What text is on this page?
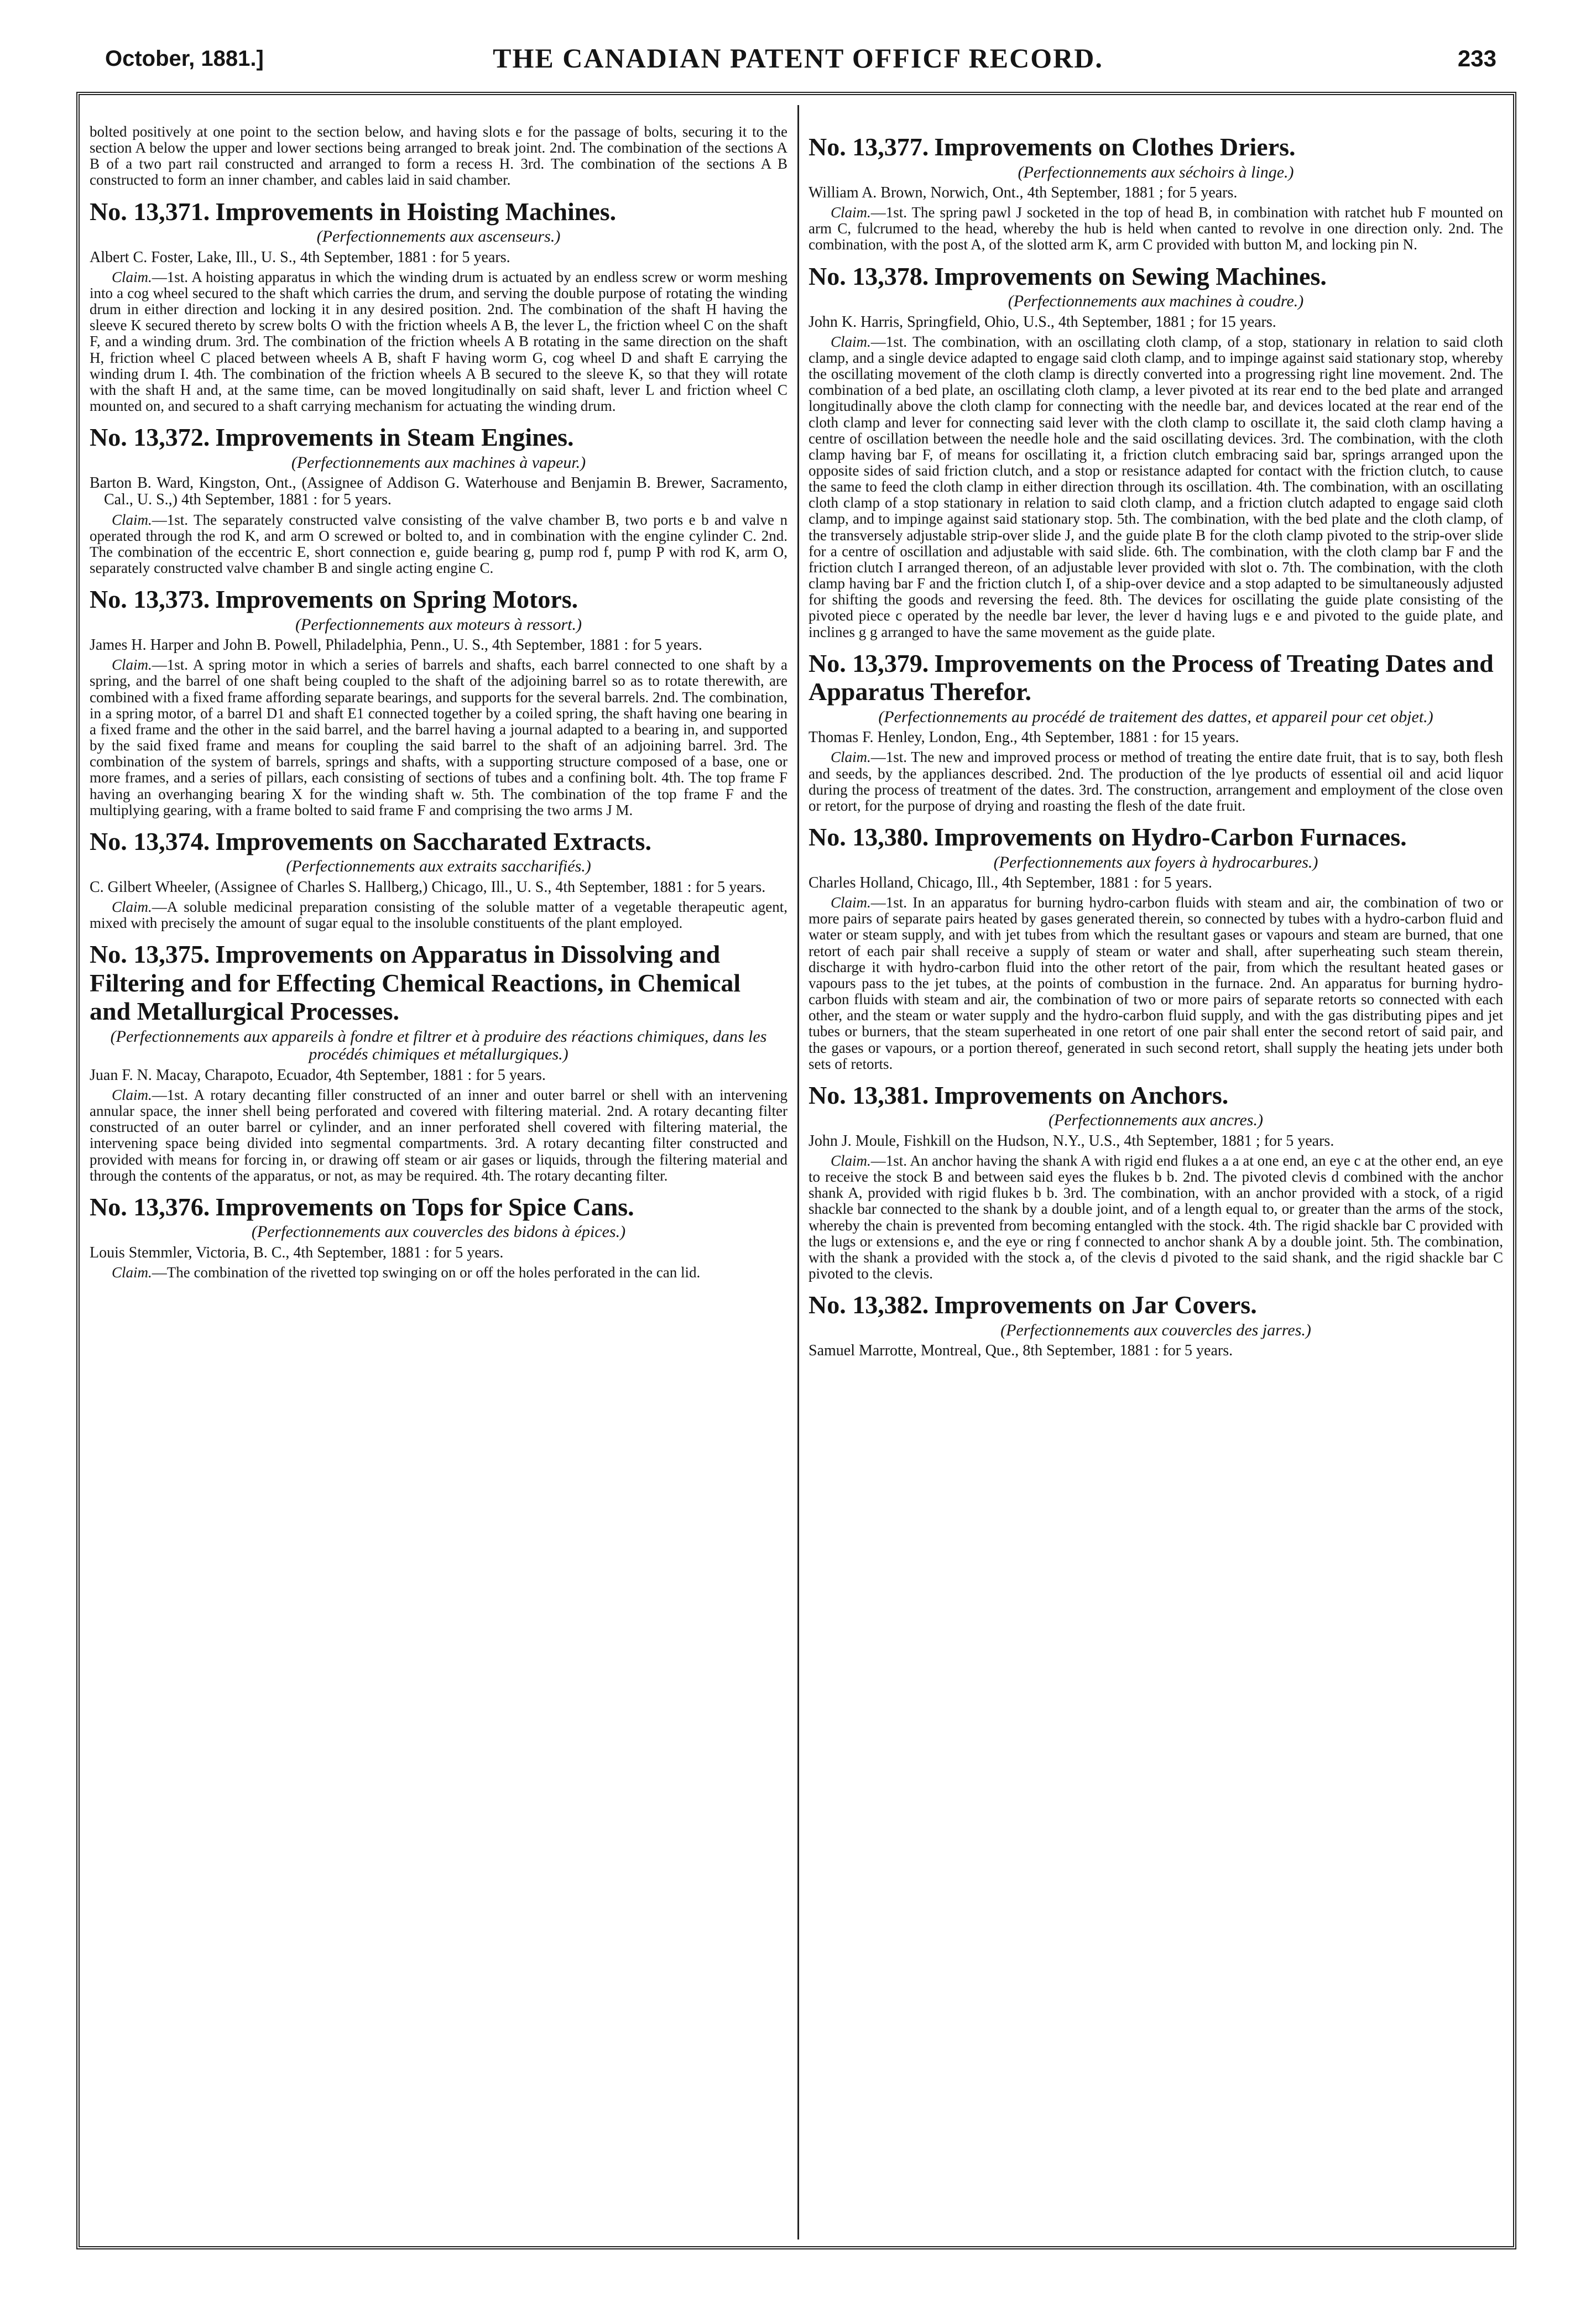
October, 1881.]	THE CANADIAN PATENT OFFICF RECORD.	233

bolted positively at one point to the section below, and having slots e for the passage of bolts, securing it to the section A below the upper and lower sections being arranged to break joint. 2nd. The combination of the sections A B of a two part rail constructed and arranged to form a recess H. 3rd. The combination of the sections A B constructed to form an inner chamber, and cables laid in said chamber.

No. 13,371. Improvements in Hoisting Machines.
(Perfectionnements aux ascenseurs.)

Albert C. Foster, Lake, Ill., U. S., 4th September, 1881 : for 5 years.

Claim.—1st. A hoisting apparatus in which the winding drum is actuated by an endless screw or worm meshing into a cog wheel secured to the shaft which carries the drum, and serving the double purpose of rotating the winding drum in either direction and locking it in any desired position. 2nd. The combination of the shaft H having the sleeve K secured thereto by screw bolts O with the friction wheels A B, the lever L, the friction wheel C on the shaft F, and a winding drum. 3rd. The combination of the friction wheels A B rotating in the same direction on the shaft H, friction wheel C placed between wheels A B, shaft F having worm G, cog wheel D and shaft E carrying the winding drum I. 4th. The combination of the friction wheels A B secured to the sleeve K, so that they will rotate with the shaft H and, at the same time, can be moved longitudinally on said shaft, lever L and friction wheel C mounted on, and secured to a shaft carrying mechanism for actuating the winding drum.

No. 13,372. Improvements in Steam Engines.
(Perfectionnements aux machines à vapeur.)

Barton B. Ward, Kingston, Ont., (Assignee of Addison G. Waterhouse and Benjamin B. Brewer, Sacramento, Cal., U. S.,) 4th September, 1881 : for 5 years.

Claim.—1st. The separately constructed valve consisting of the valve chamber B, two ports e b and valve n operated through the rod K, and arm O screwed or bolted to, and in combination with the engine cylinder C. 2nd. The combination of the eccentric E, short connection e, guide bearing g, pump rod f, pump P with rod K, arm O, separately constructed valve chamber B and single acting engine C.

No. 13,373. Improvements on Spring Motors.
(Perfectionnements aux moteurs à ressort.)

James H. Harper and John B. Powell, Philadelphia, Penn., U. S., 4th September, 1881 : for 5 years.

Claim.—1st. A spring motor in which a series of barrels and shafts, each barrel connected to one shaft by a spring, and the barrel of one shaft being coupled to the shaft of the adjoining barrel so as to rotate therewith, are combined with a fixed frame affording separate bearings, and supports for the several barrels. 2nd. The combination, in a spring motor, of a barrel D1 and shaft E1 connected together by a coiled spring, the shaft having one bearing in a fixed frame and the other in the said barrel, and the barrel having a journal adapted to a bearing in, and supported by the said fixed frame and means for coupling the said barrel to the shaft of an adjoining barrel. 3rd. The combination of the system of barrels, springs and shafts, with a supporting structure composed of a base, one or more frames, and a series of pillars, each consisting of sections of tubes and a confining bolt. 4th. The top frame F having an overhanging bearing X for the winding shaft w. 5th. The combination of the top frame F and the multiplying gearing, with a frame bolted to said frame F and comprising the two arms J M.

No. 13,374. Improvements on Saccharated Extracts.
(Perfectionnements aux extraits saccharifiés.)

C. Gilbert Wheeler, (Assignee of Charles S. Hallberg,) Chicago, Ill., U. S., 4th September, 1881 : for 5 years.

Claim.—A soluble medicinal preparation consisting of the soluble matter of a vegetable therapeutic agent, mixed with precisely the amount of sugar equal to the insoluble constituents of the plant employed.

No. 13,375. Improvements on Apparatus in Dissolving and Filtering and for Effecting Chemical Reactions, in Chemical and Metallurgical Processes.
(Perfectionnements aux appareils à fondre et filtrer et à produire des réactions chimiques, dans les procédés chimiques et métallurgiques.)

Juan F. N. Macay, Charapoto, Ecuador, 4th September, 1881 : for 5 years.

Claim.—1st. A rotary decanting filler constructed of an inner and outer barrel or shell with an intervening annular space, the inner shell being perforated and covered with filtering material. 2nd. A rotary decanting filter constructed of an outer barrel or cylinder, and an inner perforated shell covered with filtering material, the intervening space being divided into segmental compartments. 3rd. A rotary decanting filter constructed and provided with means for forcing in, or drawing off steam or air gases or liquids, through the filtering material and through the contents of the apparatus, or not, as may be required. 4th. The rotary decanting filter.

No. 13,376. Improvements on Tops for Spice Cans.
(Perfectionnements aux couvercles des bidons à épices.)

Louis Stemmler, Victoria, B. C., 4th September, 1881 : for 5 years.

Claim.—The combination of the rivetted top swinging on or off the holes perforated in the can lid.

No. 13,377. Improvements on Clothes Driers.
(Perfectionnements aux séchoirs à linge.)

William A. Brown, Norwich, Ont., 4th September, 1881 ; for 5 years.

Claim.—1st. The spring pawl J socketed in the top of head B, in combination with ratchet hub F mounted on arm C, fulcrumed to the head, whereby the hub is held when canted to revolve in one direction only. 2nd. The combination, with the post A, of the slotted arm K, arm C provided with button M, and locking pin N.

No. 13,378. Improvements on Sewing Machines.
(Perfectionnements aux machines à coudre.)

John K. Harris, Springfield, Ohio, U.S., 4th September, 1881 ; for 15 years.

Claim.—1st. The combination, with an oscillating cloth clamp, of a stop, stationary in relation to said cloth clamp, and a single device adapted to engage said cloth clamp, and to impinge against said stationary stop, whereby the oscillating movement of the cloth clamp is directly converted into a progressing right line movement. 2nd. The combination of a bed plate, an oscillating cloth clamp, a lever pivoted at its rear end to the bed plate and arranged longitudinally above the cloth clamp for connecting with the needle bar, and devices located at the rear end of the cloth clamp and lever for connecting said lever with the cloth clamp to oscillate it, the said cloth clamp having a centre of oscillation between the needle hole and the said oscillating devices. 3rd. The combination, with the cloth clamp having bar F, of means for oscillating it, a friction clutch embracing said bar, springs arranged upon the opposite sides of said friction clutch, and a stop or resistance adapted for contact with the friction clutch, to cause the same to feed the cloth clamp in either direction through its oscillation. 4th. The combination, with an oscillating cloth clamp of a stop stationary in relation to said cloth clamp, and a friction clutch adapted to engage said cloth clamp, and to impinge against said stationary stop. 5th. The combination, with the bed plate and the cloth clamp, of the transversely adjustable strip-over slide J, and the guide plate B for the cloth clamp pivoted to the strip-over slide for a centre of oscillation and adjustable with said slide. 6th. The combination, with the cloth clamp bar F and the friction clutch I arranged thereon, of an adjustable lever provided with slot o. 7th. The combination, with the cloth clamp having bar F and the friction clutch I, of a ship-over device and a stop adapted to be simultaneously adjusted for shifting the goods and reversing the feed. 8th. The devices for oscillating the guide plate consisting of the pivoted piece c operated by the needle bar lever, the lever d having lugs e e and pivoted to the guide plate, and inclines g g arranged to have the same movement as the guide plate.

No. 13,379. Improvements on the Process of Treating Dates and Apparatus Therefor.
(Perfectionnements au procédé de traitement des dattes, et appareil pour cet objet.)

Thomas F. Henley, London, Eng., 4th September, 1881 : for 15 years.

Claim.—1st. The new and improved process or method of treating the entire date fruit, that is to say, both flesh and seeds, by the appliances described. 2nd. The production of the lye products of essential oil and acid liquor during the process of treatment of the dates. 3rd. The construction, arrangement and employment of the close oven or retort, for the purpose of drying and roasting the flesh of the date fruit.

No. 13,380. Improvements on Hydro-Carbon Furnaces.
(Perfectionnements aux foyers à hydrocarbures.)

Charles Holland, Chicago, Ill., 4th September, 1881 : for 5 years.

Claim.—1st. In an apparatus for burning hydro-carbon fluids with steam and air, the combination of two or more pairs of separate pairs heated by gases generated therein, so connected by tubes with a hydro-carbon fluid and water or steam supply, and with jet tubes from which the resultant gases or vapours and steam are burned, that one retort of each pair shall receive a supply of steam or water and shall, after superheating such steam therein, discharge it with hydro-carbon fluid into the other retort of the pair, from which the resultant heated gases or vapours pass to the jet tubes, at the points of combustion in the furnace. 2nd. An apparatus for burning hydro-carbon fluids with steam and air, the combination of two or more pairs of separate retorts so connected with each other, and the steam or water supply and the hydro-carbon fluid supply, and with the gas distributing pipes and jet tubes or burners, that the steam superheated in one retort of one pair shall enter the second retort of said pair, and the gases or vapours, or a portion thereof, generated in such second retort, shall supply the heating jets under both sets of retorts.

No. 13,381. Improvements on Anchors.
(Perfectionnements aux ancres.)

John J. Moule, Fishkill on the Hudson, N.Y., U.S., 4th September, 1881 ; for 5 years.

Claim.—1st. An anchor having the shank A with rigid end flukes a a at one end, an eye c at the other end, an eye to receive the stock B and between said eyes the flukes b b. 2nd. The pivoted clevis d combined with the anchor shank A, provided with rigid flukes b b. 3rd. The combination, with an anchor provided with a stock, of a rigid shackle bar connected to the shank by a double joint, and of a length equal to, or greater than the arms of the stock, whereby the chain is prevented from becoming entangled with the stock. 4th. The rigid shackle bar C provided with the lugs or extensions e, and the eye or ring f connected to anchor shank A by a double joint. 5th. The combination, with the shank a provided with the stock a, of the clevis d pivoted to the said shank, and the rigid shackle bar C pivoted to the clevis.

No. 13,382. Improvements on Jar Covers.
(Perfectionnements aux couvercles des jarres.)

Samuel Marrotte, Montreal, Que., 8th September, 1881 : for 5 years.
